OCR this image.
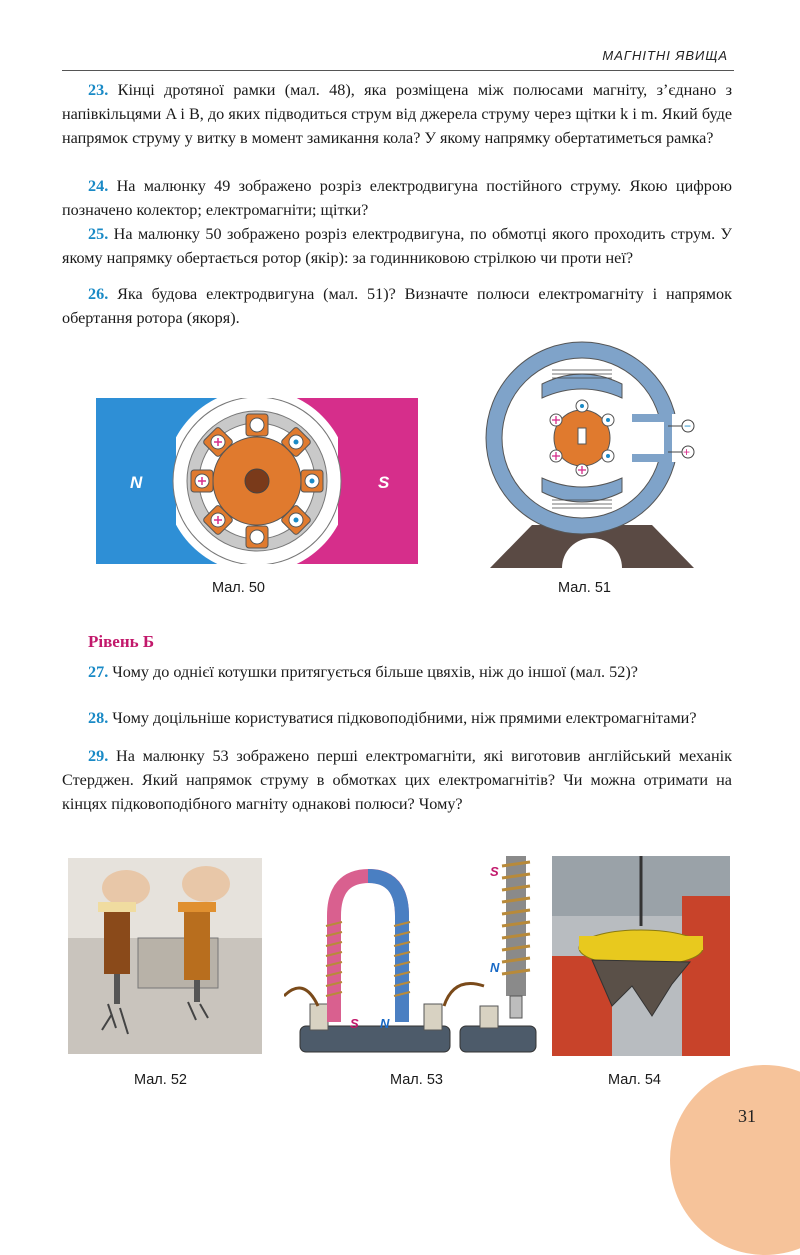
МАГНІТНІ ЯВИЩА
23. Кінці дротяної рамки (мал. 48), яка розміщена між полюсами магніту, з’єднано з напівкільцями A і B, до яких підводиться струм від джерела струму через щітки k і m. Який буде напрямок струму у витку в момент замикання кола? У якому напрямку обертатиметься рамка?
24. На малюнку 49 зображено розріз електродвигуна постійного струму. Якою цифрою позначено колектор; електромагніти; щітки?
25. На малюнку 50 зображено розріз електродвигуна, по обмотці якого проходить струм. У якому напрямку обертається ротор (якір): за годинниковою стрілкою чи проти неї?
26. Яка будова електродвигуна (мал. 51)? Визначте полюси електромагніту і напрямок обертання ротора (якоря).
N	S
Мал. 50
−
+
Мал. 51
Рівень Б
27. Чому до однієї котушки притягується більше цвяхів, ніж до іншої (мал. 52)?
28. Чому доцільніше користуватися підковоподібними, ніж прямими електромагнітами?
29. На малюнку 53 зображено перші електромагніти, які виготовив англійський механік Стерджен. Який напрямок струму в обмотках цих електромагнітів? Чи можна отримати на кінцях підковоподібного магніту однакові полюси? Чому?
Мал. 52
S N
S
N
Мал. 53	Мал. 54
31
